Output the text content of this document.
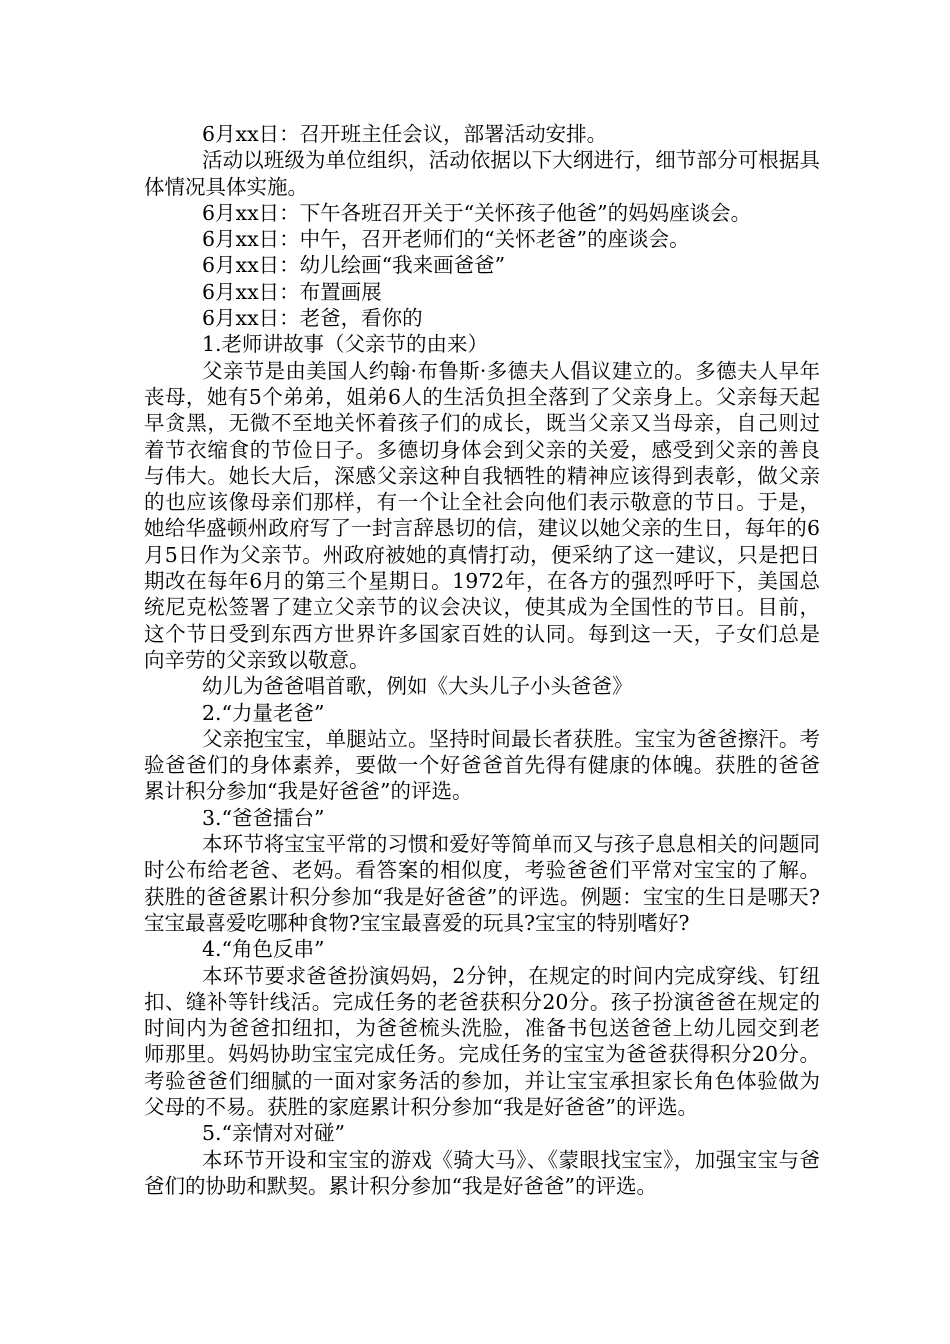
6月xx日：召开班主任会议，部署活动安排。

活动以班级为单位组织，活动依据以下大纲进行，细节部分可根据具体情况具体实施。

6月xx日：下午各班召开关于“关怀孩子他爸”的妈妈座谈会。

6月xx日：中午，召开老师们的“关怀老爸”的座谈会。

6月xx日：幼儿绘画“我来画爸爸”

6月xx日：布置画展

6月xx日：老爸，看你的

1.老师讲故事（父亲节的由来）

父亲节是由美国人约翰·布鲁斯·多德夫人倡议建立的。多德夫人早年丧母，她有5个弟弟，姐弟6人的生活负担全落到了父亲身上。父亲每天起早贪黑，无微不至地关怀着孩子们的成长，既当父亲又当母亲，自己则过着节衣缩食的节俭日子。多德切身体会到父亲的关爱，感受到父亲的善良与伟大。她长大后，深感父亲这种自我牺牲的精神应该得到表彰，做父亲的也应该像母亲们那样，有一个让全社会向他们表示敬意的节日。于是，她给华盛顿州政府写了一封言辞恳切的信，建议以她父亲的生日，每年的6月5日作为父亲节。州政府被她的真情打动，便采纳了这一建议，只是把日期改在每年6月的第三个星期日。1972年，在各方的强烈呼吁下，美国总统尼克松签署了建立父亲节的议会决议，使其成为全国性的节日。目前，这个节日受到东西方世界许多国家百姓的认同。每到这一天，子女们总是向辛劳的父亲致以敬意。

幼儿为爸爸唱首歌，例如《大头儿子小头爸爸》

2.“力量老爸”

父亲抱宝宝，单腿站立。坚持时间最长者获胜。宝宝为爸爸擦汗。考验爸爸们的身体素养，要做一个好爸爸首先得有健康的体魄。获胜的爸爸累计积分参加“我是好爸爸”的评选。

3.“爸爸擂台”

本环节将宝宝平常的习惯和爱好等简单而又与孩子息息相关的问题同时公布给老爸、老妈。看答案的相似度，考验爸爸们平常对宝宝的了解。获胜的爸爸累计积分参加“我是好爸爸”的评选。例题：宝宝的生日是哪天?宝宝最喜爱吃哪种食物?宝宝最喜爱的玩具?宝宝的特别嗜好?

4.“角色反串”

本环节要求爸爸扮演妈妈，2分钟，在规定的时间内完成穿线、钉纽扣、缝补等针线活。完成任务的老爸获积分20分。孩子扮演爸爸在规定的时间内为爸爸扣纽扣，为爸爸梳头洗脸，准备书包送爸爸上幼儿园交到老师那里。妈妈协助宝宝完成任务。完成任务的宝宝为爸爸获得积分20分。考验爸爸们细腻的一面对家务活的参加，并让宝宝承担家长角色体验做为父母的不易。获胜的家庭累计积分参加“我是好爸爸”的评选。

5.“亲情对对碰”

本环节开设和宝宝的游戏《骑大马》、《蒙眼找宝宝》，加强宝宝与爸爸们的协助和默契。累计积分参加“我是好爸爸”的评选。
